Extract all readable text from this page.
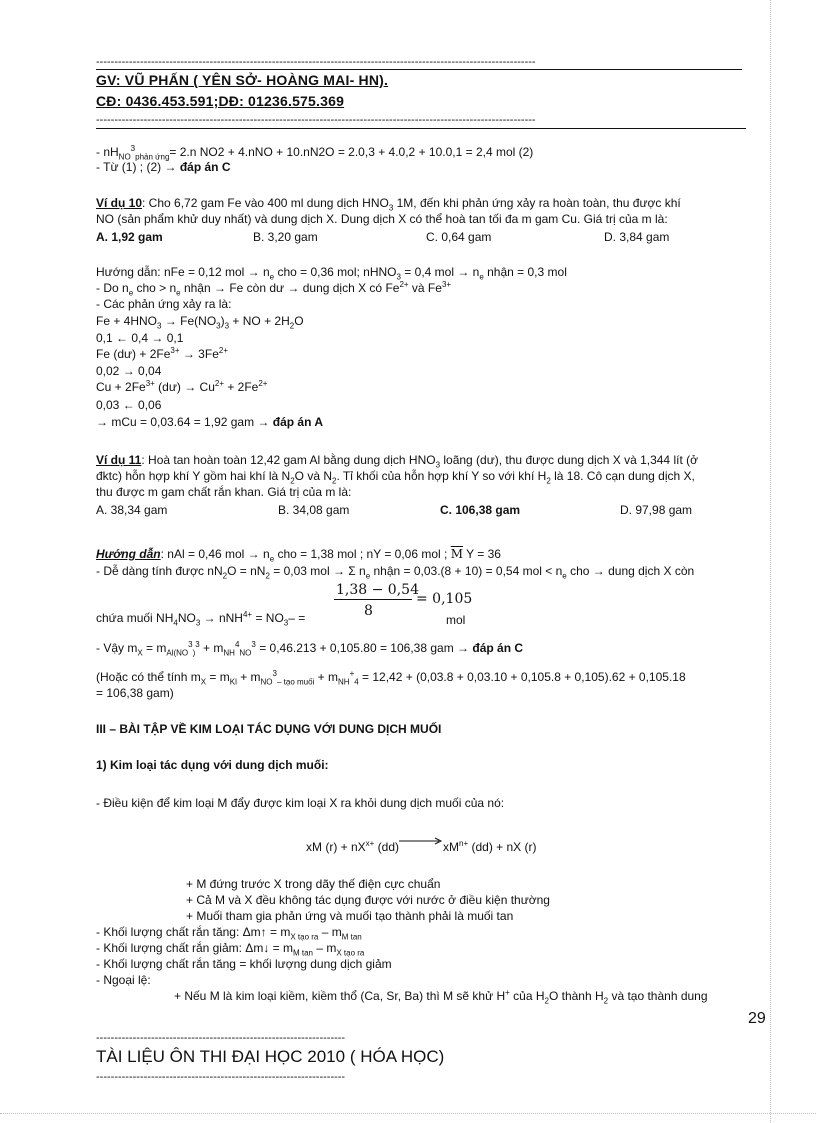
------------------------------------------------------------------------------------------------------------------------
GV: VŨ PHẤN ( YÊN SỞ- HOÀNG MAI- HN).
CĐ: 0436.453.591;DĐ: 01236.575.369
------------------------------------------------------------------------------------------------------------------------
- $nH_{NO}^3_{phản ứng}= 2.n$ NO2 + 4.nNO + 10.nN2O = 2.0,3 + 4.0,2 + 10.0,1 = 2,4 mol (2)
- Từ (1) ; (2) → đáp án C
Ví dụ 10: Cho 6,72 gam Fe vào 400 ml dung dịch $HNO_3$ 1M, đến khi phản ứng xảy ra hoàn toàn, thu được khí
NO (sản phẩm khử duy nhất) và dung dịch X. Dung dịch X có thể hoà tan tối đa m gam Cu. Giá trị của m là:
A. 1,92 gam	B. 3,20 gam	C. 0,64 gam	D. 3,84 gam
Hướng dẫn: nFe = 0,12 mol → $n_e$ cho = 0,36 mol; nHNO$_3$ = 0,4 mol → $n_e$ nhận = 0,3 mol
- Do $n_e$ cho > $n_e$ nhận → Fe còn dư → dung dịch X có $Fe^{2+}$ và $Fe^{3+}$
- Các phản ứng xảy ra là:
$Fe + 4HNO_3 \to Fe(NO_3)_3$ + NO + $2H_2O$
0,1 ← 0,4 → 0,1
Fe (dư) + $2Fe^{3+} \to 3Fe^{2+}$
0,02 → 0,04
$Cu + 2Fe^{3+}$ (dư) → $Cu^{2+} + 2Fe^{2+}$
0,03 ← 0,06
→ mCu = 0,03.64 = 1,92 gam → đáp án A
Ví dụ 11: Hoà tan hoàn toàn 12,42 gam Al bằng dung dịch $HNO_3$ loãng (dư), thu được dung dịch X và 1,344 lít (ở
đktc) hỗn hợp khí Y gồm hai khí là $N_2O$ và $N_2$. Tỉ khối của hỗn hợp khí Y so với khí $H_2$ là 18. Cô cạn dung dịch X,
thu được m gam chất rắn khan. Giá trị của m là:
A. 38,34 gam	B. 34,08 gam	C. 106,38 gam	D. 97,98 gam
Hướng dẫn: nAl = 0,46 mol → $n_e$ cho = 1,38 mol ; nY = 0,06 mol ; $\overline{M}$ Y = 36
- Dễ dàng tính được $nN_2O = nN_2 = 0,03$ mol → Σ $n_e$ nhận = 0,03.(8 + 10) = 0,54 mol < $n_e$ cho → dung dịch X còn
chứa muối $NH_4NO_3 \to nNH^{4+} = NO_3-$ =
1,38 − 0,54
8
= 0,105
mol
- Vậy $m_X = m_{Al(NO}^3_)^3 + m_{NH}^4_{NO}^3 = 0,46.213 + 0,105.80 = 106,38$ gam → đáp án C
(Hoặc có thể tính $m_X = m_{Kl} + m_{NO}^3_{- tạo muối} + m_{NH}^+_4 = 12,42 + (0,03.8 + 0,03.10 + 0,105.8 + 0,105).62 + 0,105.18$
= 106,38 gam)
III – BÀI TẬP VỀ KIM LOẠI TÁC DỤNG VỚI DUNG DỊCH MUỐI
1) Kim loại tác dụng với dung dịch muối:
- Điều kiện để kim loại M đẩy được kim loại X ra khỏi dung dịch muối của nó:
xM $(r) + nX^{x+}$ $(dd)\to xM^{n+}$ (dd) + nX (r)
+ M đứng trước X trong dãy thế điện cực chuẩn
+ Cả M và X đều không tác dụng được với nước ở điều kiện thường
+ Muối tham gia phản ứng và muối tạo thành phải là muối tan
- Khối lượng chất rắn tăng: Δm↑ = $m_{X tạo ra} - m_{M tan}$
- Khối lượng chất rắn giảm: Δm↓ = $m_{M tan} - m_{X tạo ra}$
- Khối lượng chất rắn tăng = khối lượng dung dịch giảm
- Ngoại lệ:
+ Nếu M là kim loại kiềm, kiềm thổ (Ca, Sr, Ba) thì M sẽ khử H+ của $H_2O$ thành $H_2$ và tạo thành dung
29
--------------------------------------------------------------------
TÀI LIỆU ÔN THI ĐẠI HỌC 2010 ( HÓA HỌC)
--------------------------------------------------------------------
